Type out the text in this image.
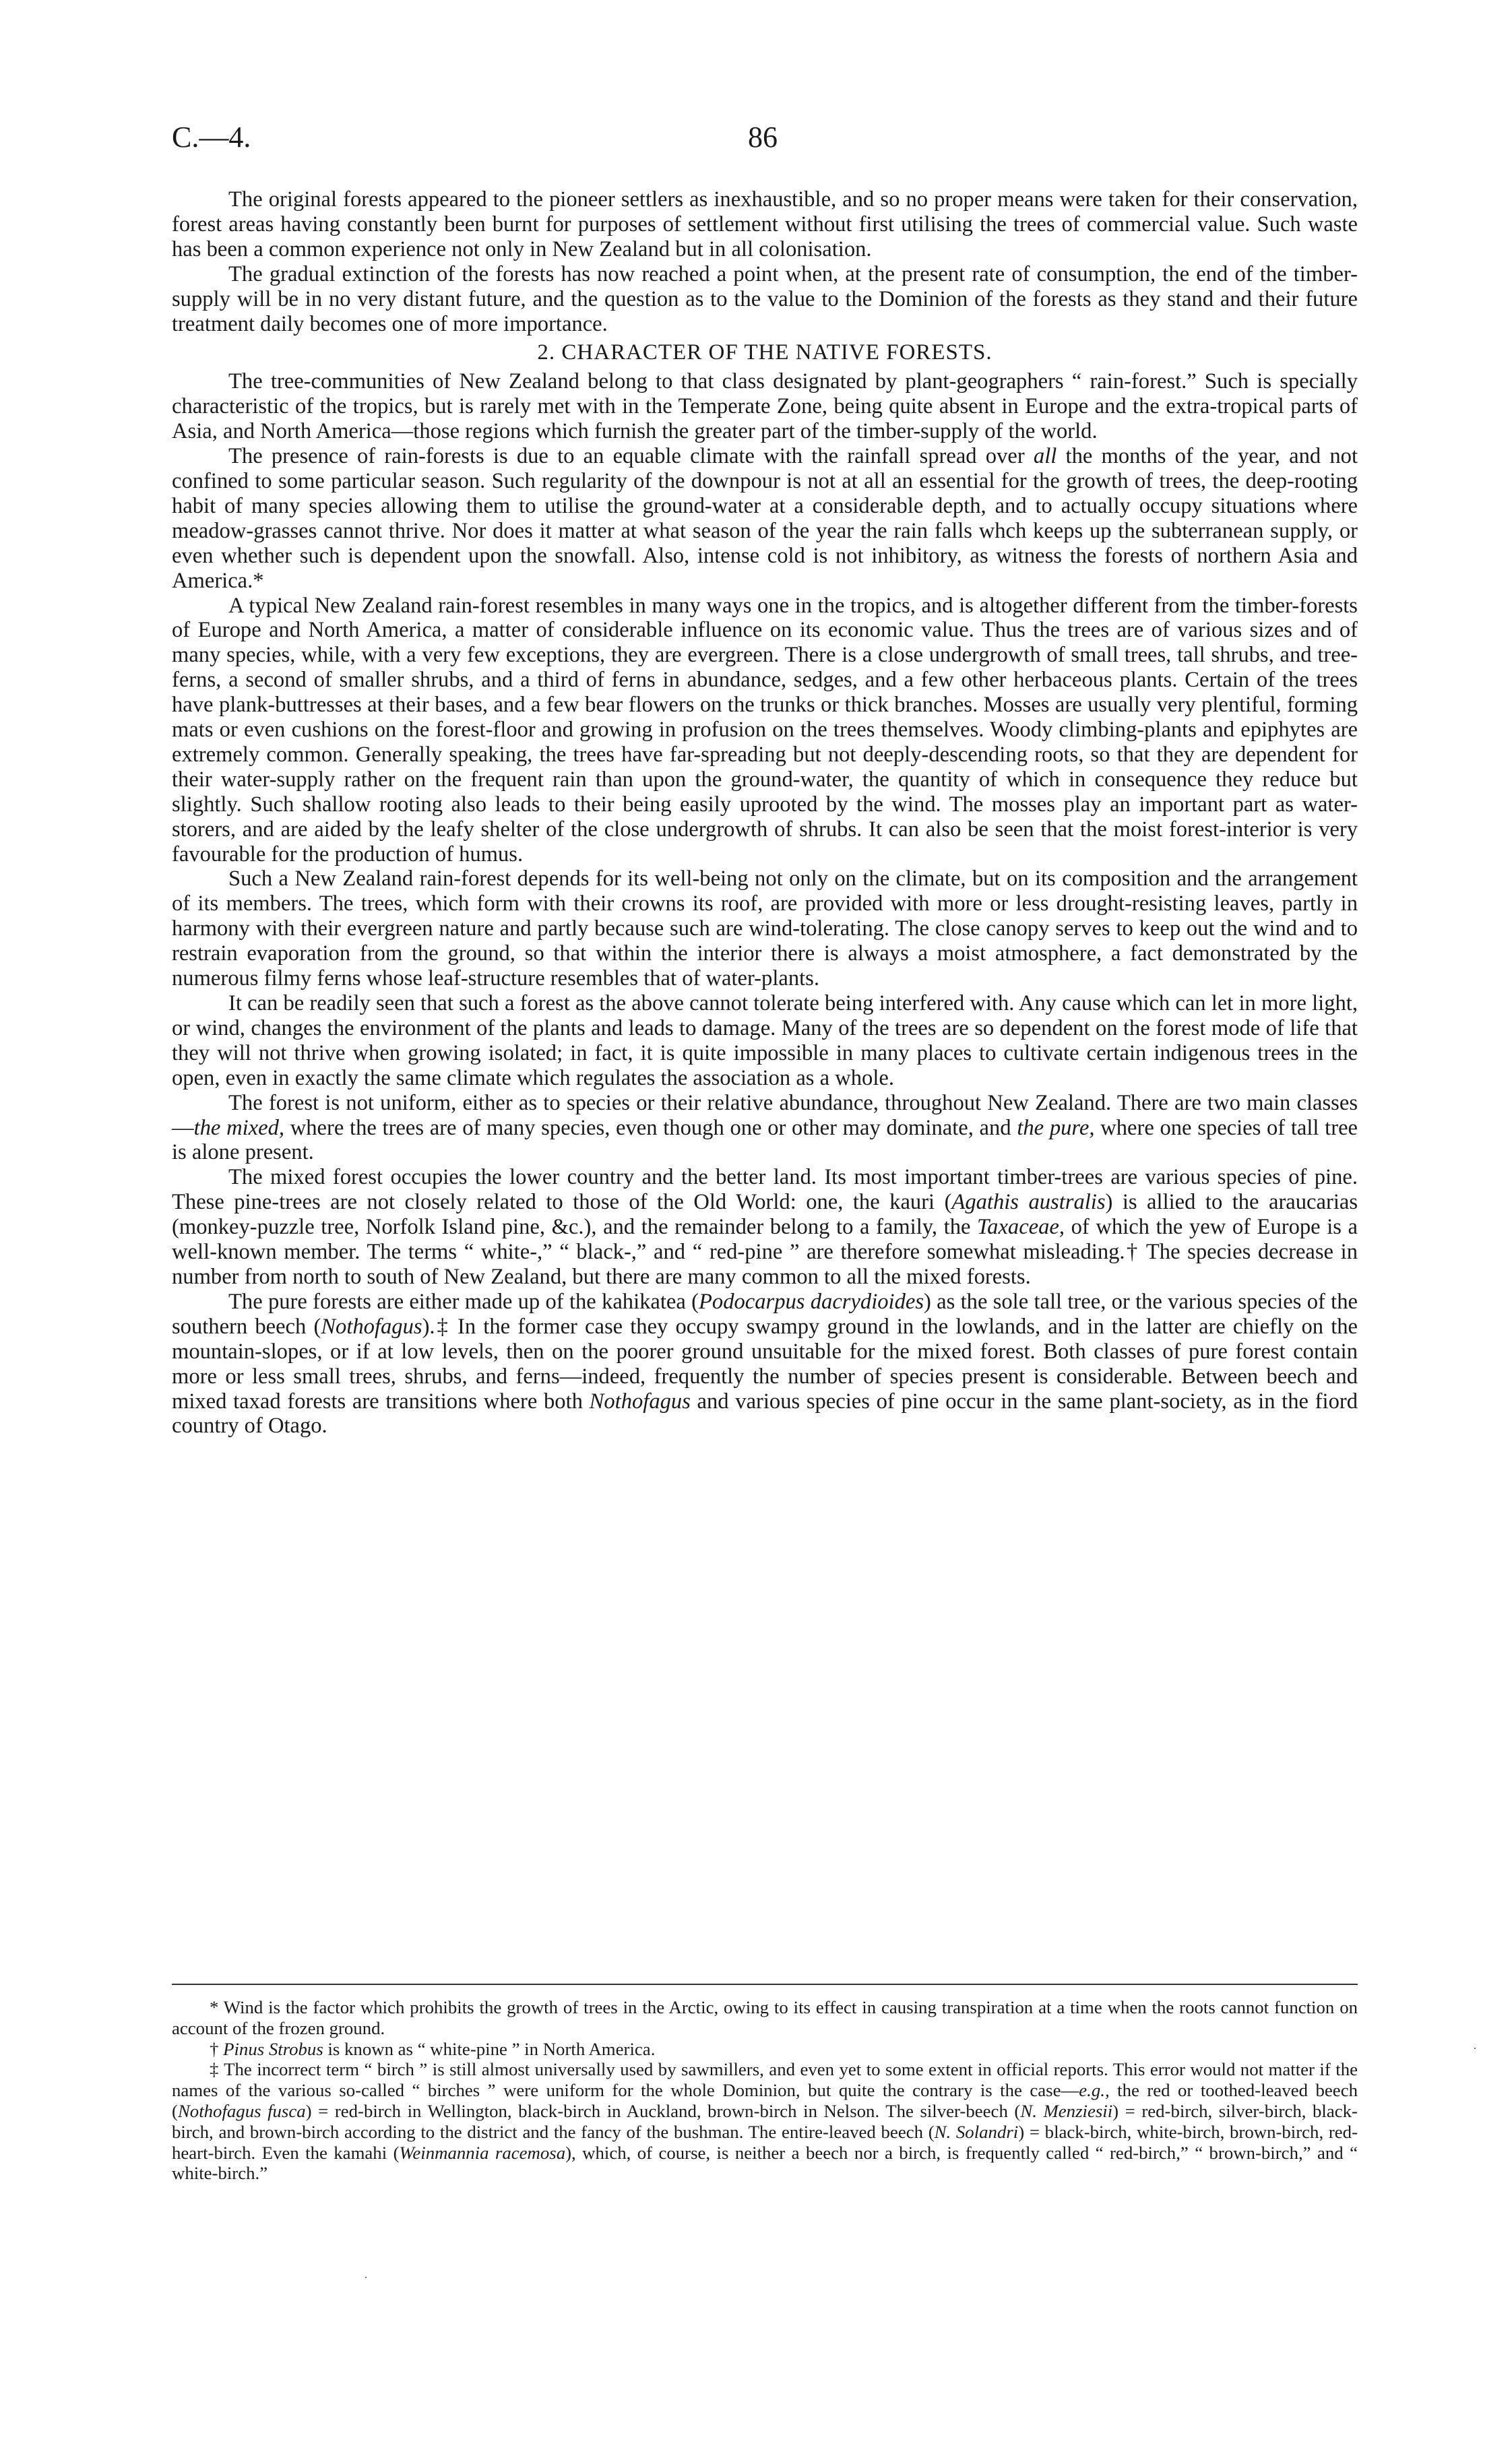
C.—4.	86

The original forests appeared to the pioneer settlers as inexhaustible, and so no proper means were taken for their conservation, forest areas having constantly been burnt for purposes of settlement without first utilising the trees of commercial value. Such waste has been a common experience not only in New Zealand but in all colonisation.

The gradual extinction of the forests has now reached a point when, at the present rate of consumption, the end of the timber-supply will be in no very distant future, and the question as to the value to the Dominion of the forests as they stand and their future treatment daily becomes one of more importance.

2. CHARACTER OF THE NATIVE FORESTS.

The tree-communities of New Zealand belong to that class designated by plant-geographers “ rain-forest.” Such is specially characteristic of the tropics, but is rarely met with in the Temperate Zone, being quite absent in Europe and the extra-tropical parts of Asia, and North America—those regions which furnish the greater part of the timber-supply of the world.

The presence of rain-forests is due to an equable climate with the rainfall spread over all the months of the year, and not confined to some particular season. Such regularity of the downpour is not at all an essential for the growth of trees, the deep-rooting habit of many species allowing them to utilise the ground-water at a considerable depth, and to actually occupy situations where meadow-grasses cannot thrive. Nor does it matter at what season of the year the rain falls whch keeps up the subterranean supply, or even whether such is dependent upon the snowfall. Also, intense cold is not inhibitory, as witness the forests of northern Asia and America.*

A typical New Zealand rain-forest resembles in many ways one in the tropics, and is altogether different from the timber-forests of Europe and North America, a matter of considerable influence on its economic value. Thus the trees are of various sizes and of many species, while, with a very few exceptions, they are evergreen. There is a close undergrowth of small trees, tall shrubs, and tree-ferns, a second of smaller shrubs, and a third of ferns in abundance, sedges, and a few other herbaceous plants. Certain of the trees have plank-buttresses at their bases, and a few bear flowers on the trunks or thick branches. Mosses are usually very plentiful, forming mats or even cushions on the forest-floor and growing in profusion on the trees themselves. Woody climbing-plants and epiphytes are extremely common. Generally speaking, the trees have far-spreading but not deeply-descending roots, so that they are dependent for their water-supply rather on the frequent rain than upon the ground-water, the quantity of which in consequence they reduce but slightly. Such shallow rooting also leads to their being easily uprooted by the wind. The mosses play an important part as water-storers, and are aided by the leafy shelter of the close undergrowth of shrubs. It can also be seen that the moist forest-interior is very favourable for the production of humus.

Such a New Zealand rain-forest depends for its well-being not only on the climate, but on its composition and the arrangement of its members. The trees, which form with their crowns its roof, are provided with more or less drought-resisting leaves, partly in harmony with their evergreen nature and partly because such are wind-tolerating. The close canopy serves to keep out the wind and to restrain evaporation from the ground, so that within the interior there is always a moist atmosphere, a fact demonstrated by the numerous filmy ferns whose leaf-structure resembles that of water-plants.

It can be readily seen that such a forest as the above cannot tolerate being interfered with. Any cause which can let in more light, or wind, changes the environment of the plants and leads to damage. Many of the trees are so dependent on the forest mode of life that they will not thrive when growing isolated; in fact, it is quite impossible in many places to cultivate certain indigenous trees in the open, even in exactly the same climate which regulates the association as a whole.

The forest is not uniform, either as to species or their relative abundance, throughout New Zealand. There are two main classes—the mixed, where the trees are of many species, even though one or other may dominate, and the pure, where one species of tall tree is alone present.

The mixed forest occupies the lower country and the better land. Its most important timber-trees are various species of pine. These pine-trees are not closely related to those of the Old World: one, the kauri (Agathis australis) is allied to the araucarias (monkey-puzzle tree, Norfolk Island pine, &c.), and the remainder belong to a family, the Taxaceae, of which the yew of Europe is a well-known member. The terms “ white-,” “ black-,” and “ red-pine ” are therefore somewhat misleading.† The species decrease in number from north to south of New Zealand, but there are many common to all the mixed forests.

The pure forests are either made up of the kahikatea (Podocarpus dacrydioides) as the sole tall tree, or the various species of the southern beech (Nothofagus).‡ In the former case they occupy swampy ground in the lowlands, and in the latter are chiefly on the mountain-slopes, or if at low levels, then on the poorer ground unsuitable for the mixed forest. Both classes of pure forest contain more or less small trees, shrubs, and ferns—indeed, frequently the number of species present is considerable. Between beech and mixed taxad forests are transitions where both Nothofagus and various species of pine occur in the same plant-society, as in the fiord country of Otago.

* Wind is the factor which prohibits the growth of trees in the Arctic, owing to its effect in causing transpiration at a time when the roots cannot function on account of the frozen ground.

† Pinus Strobus is known as “ white-pine ” in North America.

‡ The incorrect term “ birch ” is still almost universally used by sawmillers, and even yet to some extent in official reports. This error would not matter if the names of the various so-called “ birches ” were uniform for the whole Dominion, but quite the contrary is the case—e.g., the red or toothed-leaved beech (Nothofagus fusca) = red-birch in Wellington, black-birch in Auckland, brown-birch in Nelson. The silver-beech (N. Menziesii) = red-birch, silver-birch, black-birch, and brown-birch according to the district and the fancy of the bushman. The entire-leaved beech (N. Solandri) = black-birch, white-birch, brown-birch, red-heart-birch. Even the kamahi (Weinmannia racemosa), which, of course, is neither a beech nor a birch, is frequently called “ red-birch,” “ brown-birch,” and “ white-birch.”

·
·
